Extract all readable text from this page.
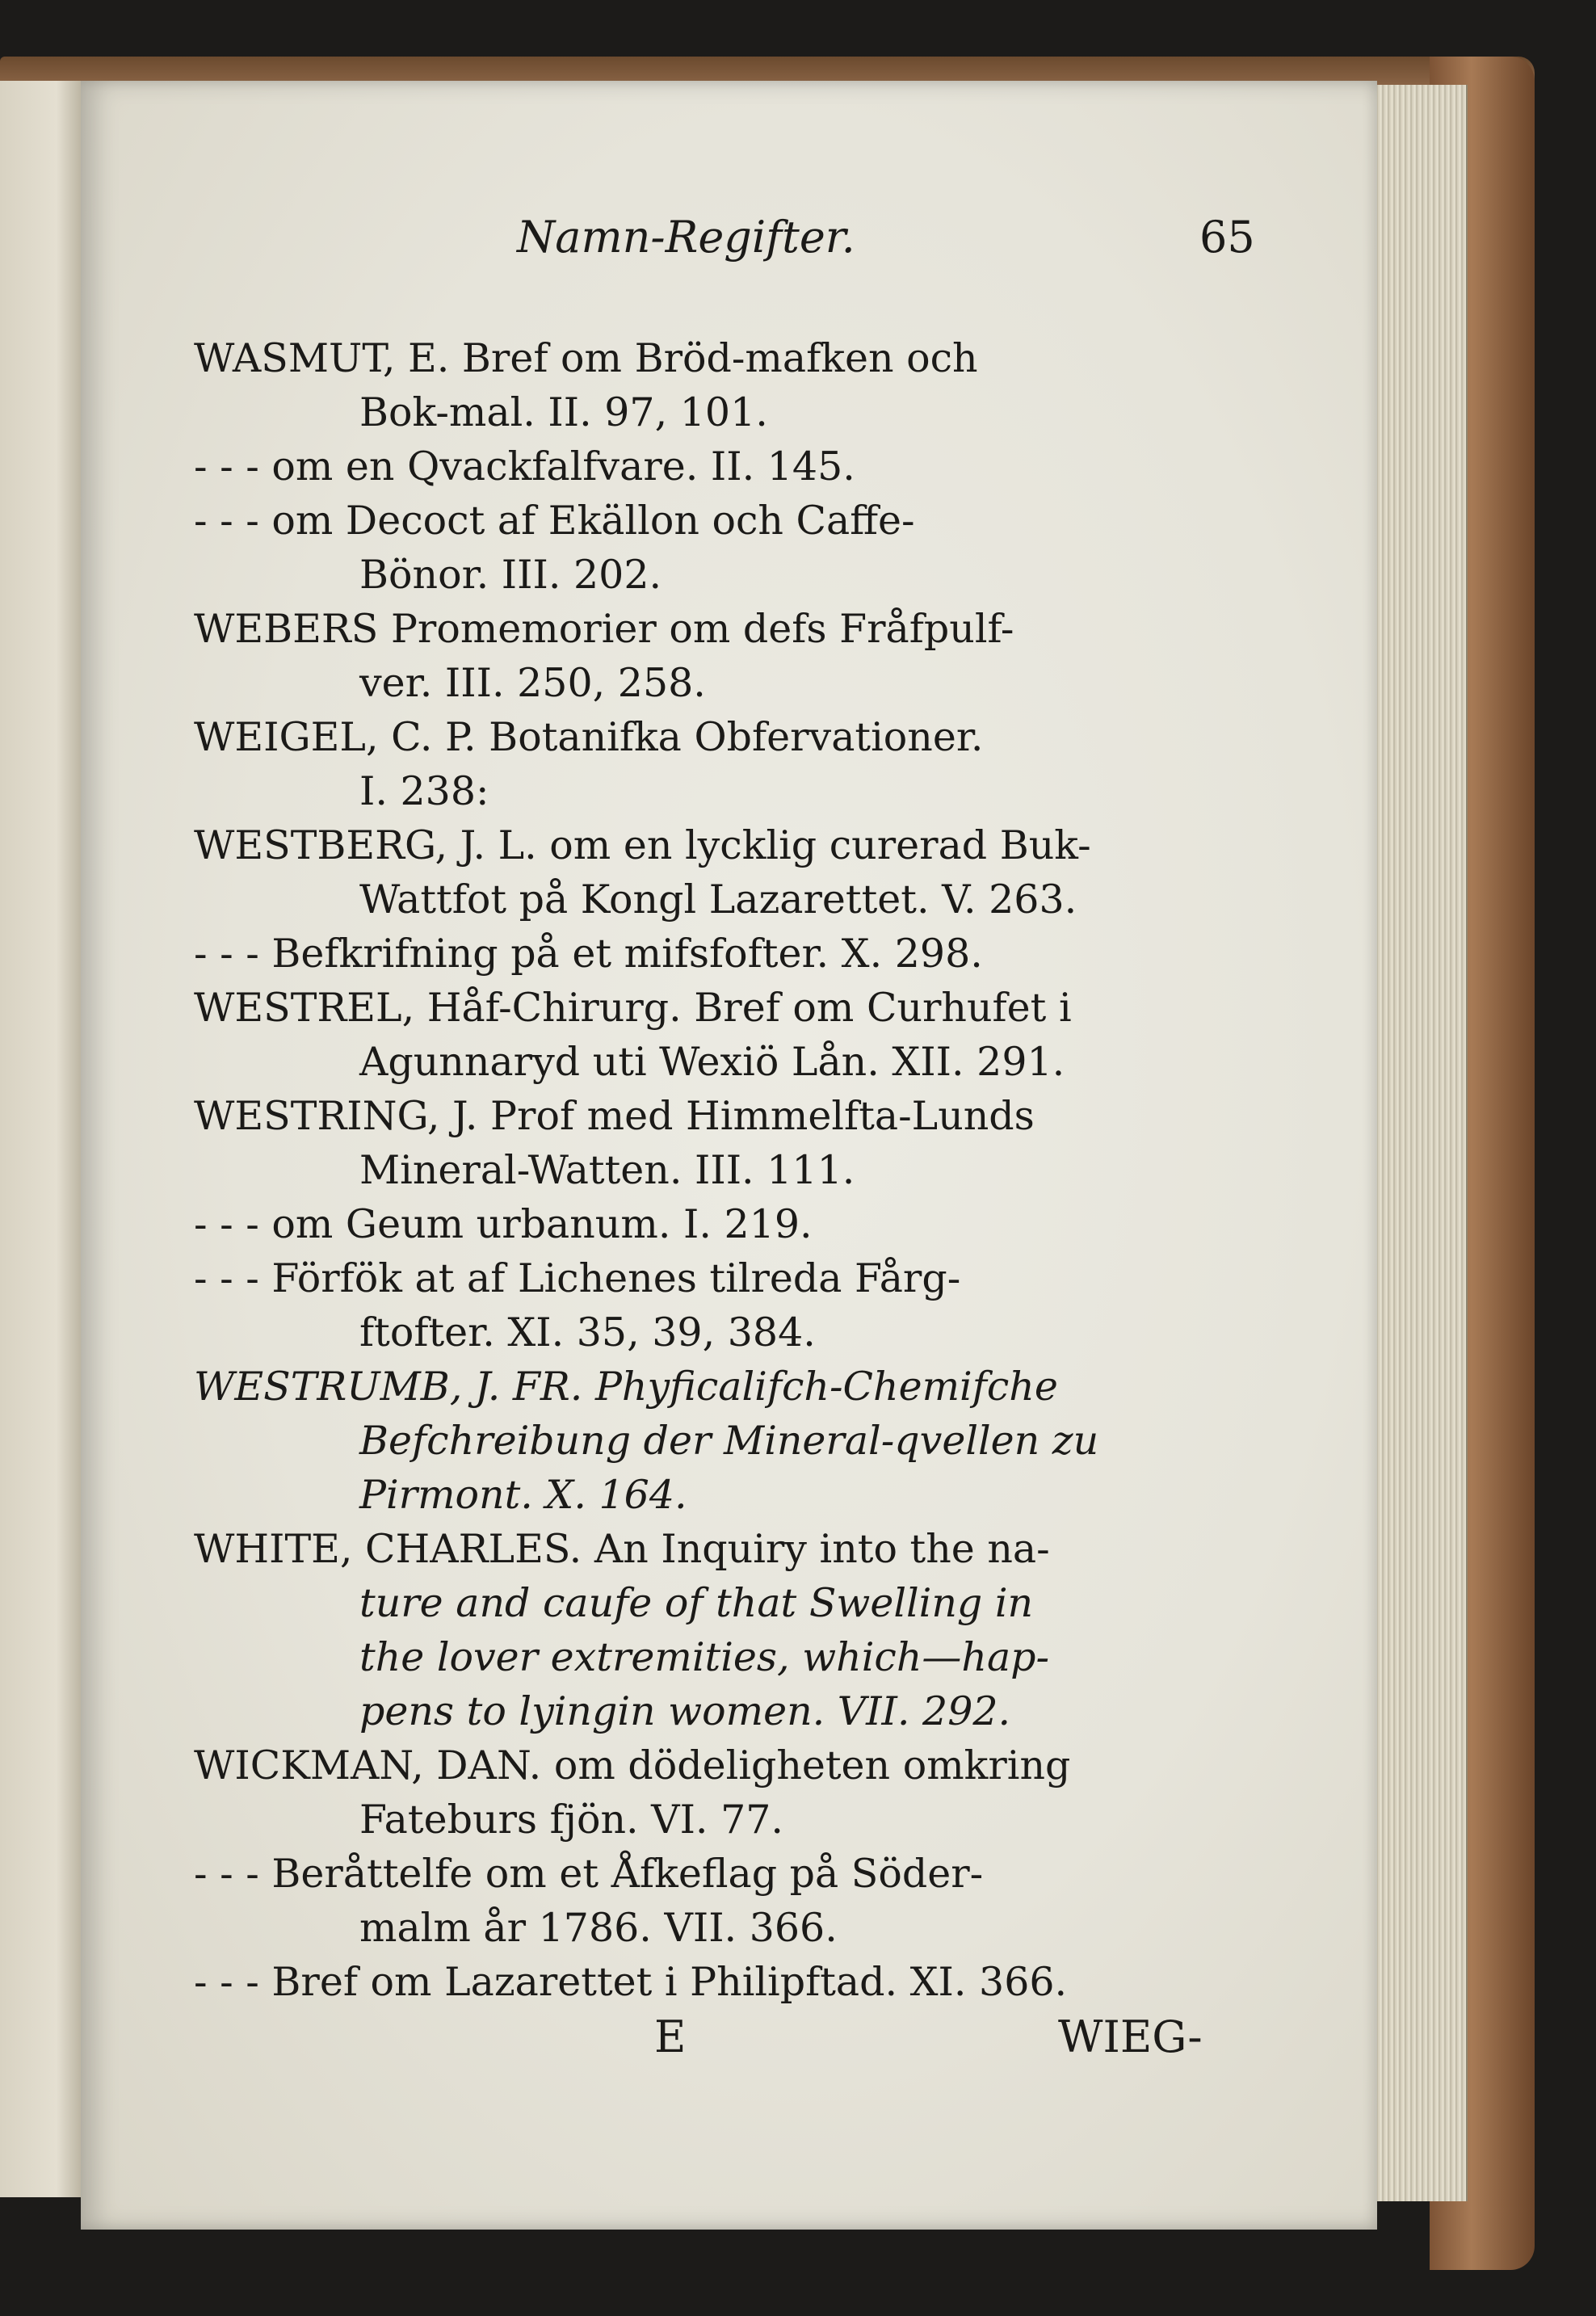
Namn-Regifter.	65
WASMUT, E. Bref om Bröd-mafken och
Bok-mal. II. 97, 101.
- - - om en Qvackfalfvare. II. 145.
- - - om Decoct af Ekällon och Caffe-
Bönor. III. 202.
WEBERS Promemorier om defs Fråfpulf-
ver. III. 250, 258.
WEIGEL, C. P. Botanifka Obfervationer.
I. 238:
WESTBERG, J. L. om en lycklig curerad Buk-
Wattfot på Kongl Lazarettet. V. 263.
- - - Befkrifning på et mifsfofter. X. 298.
WESTREL, Håf-Chirurg. Bref om Curhufet i
Agunnaryd uti Wexiö Lån. XII. 291.
WESTRING, J. Prof med Himmelfta-Lunds
Mineral-Watten. III. 111.
- - - om Geum urbanum. I. 219.
- - - Förfök at af Lichenes tilreda Fårg-
ftofter. XI. 35, 39, 384.
WESTRUMB, J. FR. Phyficalifch-Chemifche
Befchreibung der Mineral-qvellen zu
Pirmont. X. 164.
WHITE, CHARLES. An Inquiry into the na-
ture and caufe of that Swelling in
the lover extremities, which—hap-
pens to lyingin women. VII. 292.
WICKMAN, DAN. om dödeligheten omkring
Fateburs fjön. VI. 77.
- - - Beråttelfe om et Åfkeflag på Söder-
malm år 1786. VII. 366.
- - - Bref om Lazarettet i Philipftad. XI. 366.
E	WIEG-
